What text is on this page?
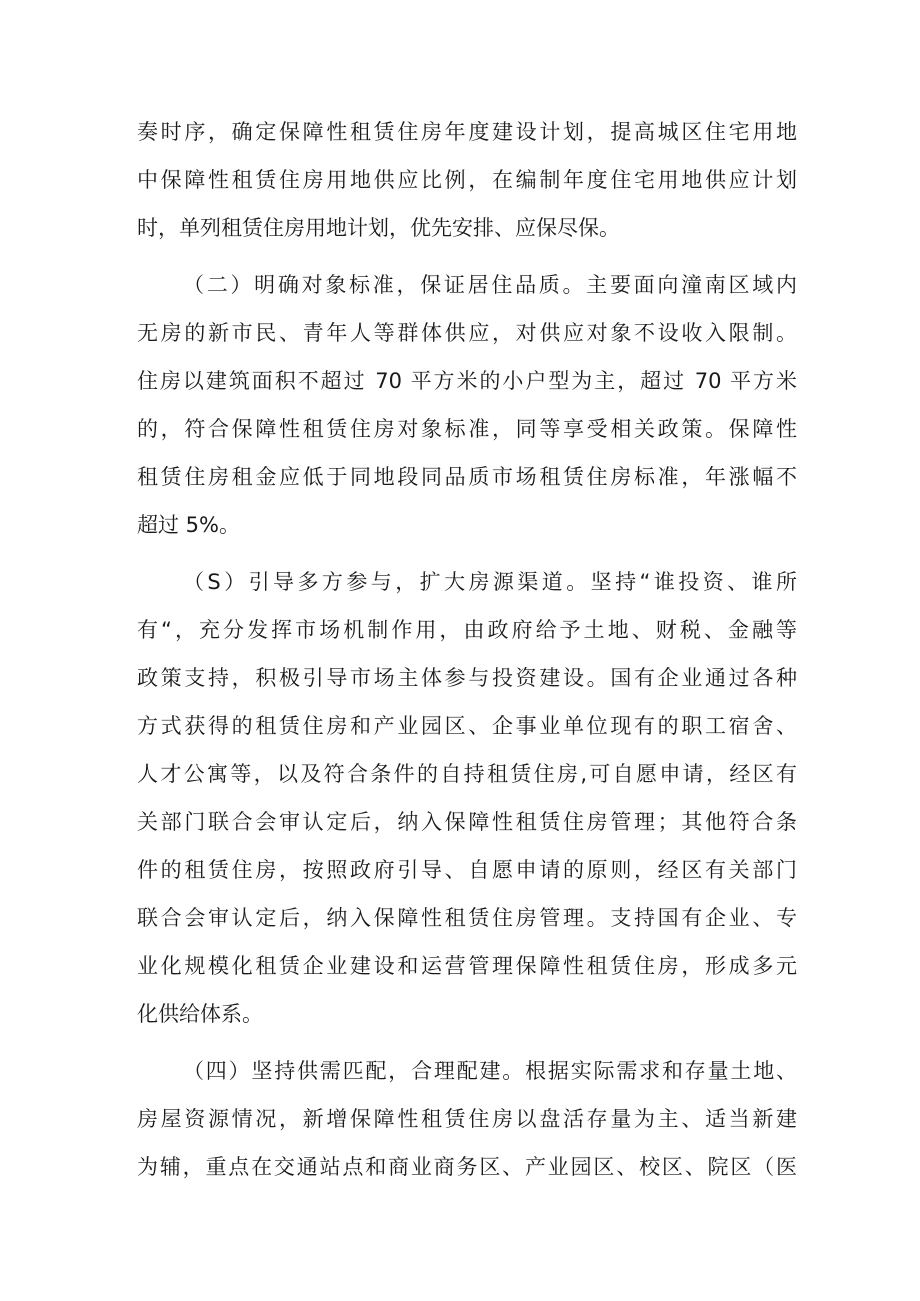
奏时序，确定保障性租赁住房年度建设计划，提高城区住宅用地
中保障性租赁住房用地供应比例，在编制年度住宅用地供应计划
时，单列租赁住房用地计划，优先安排、应保尽保。
（二）明确对象标准，保证居住品质。主要面向潼南区域内
无房的新市民、青年人等群体供应，对供应对象不设收入限制。
住房以建筑面积不超过 70 平方米的小户型为主，超过 70 平方米
的，符合保障性租赁住房对象标准，同等享受相关政策。保障性
租赁住房租金应低于同地段同品质市场租赁住房标准，年涨幅不
超过 5%。
（S）引导多方参与，扩大房源渠道。坚持“谁投资、谁所
有“，充分发挥市场机制作用，由政府给予土地、财税、金融等
政策支持，积极引导市场主体参与投资建设。国有企业通过各种
方式获得的租赁住房和产业园区、企事业单位现有的职工宿舍、
人才公寓等，以及符合条件的自持租赁住房,可自愿申请，经区有
关部门联合会审认定后，纳入保障性租赁住房管理；其他符合条
件的租赁住房，按照政府引导、自愿申请的原则，经区有关部门
联合会审认定后，纳入保障性租赁住房管理。支持国有企业、专
业化规模化租赁企业建设和运营管理保障性租赁住房，形成多元
化供给体系。
（四）坚持供需匹配，合理配建。根据实际需求和存量土地、
房屋资源情况，新增保障性租赁住房以盘活存量为主、适当新建
为辅，重点在交通站点和商业商务区、产业园区、校区、院区（医
